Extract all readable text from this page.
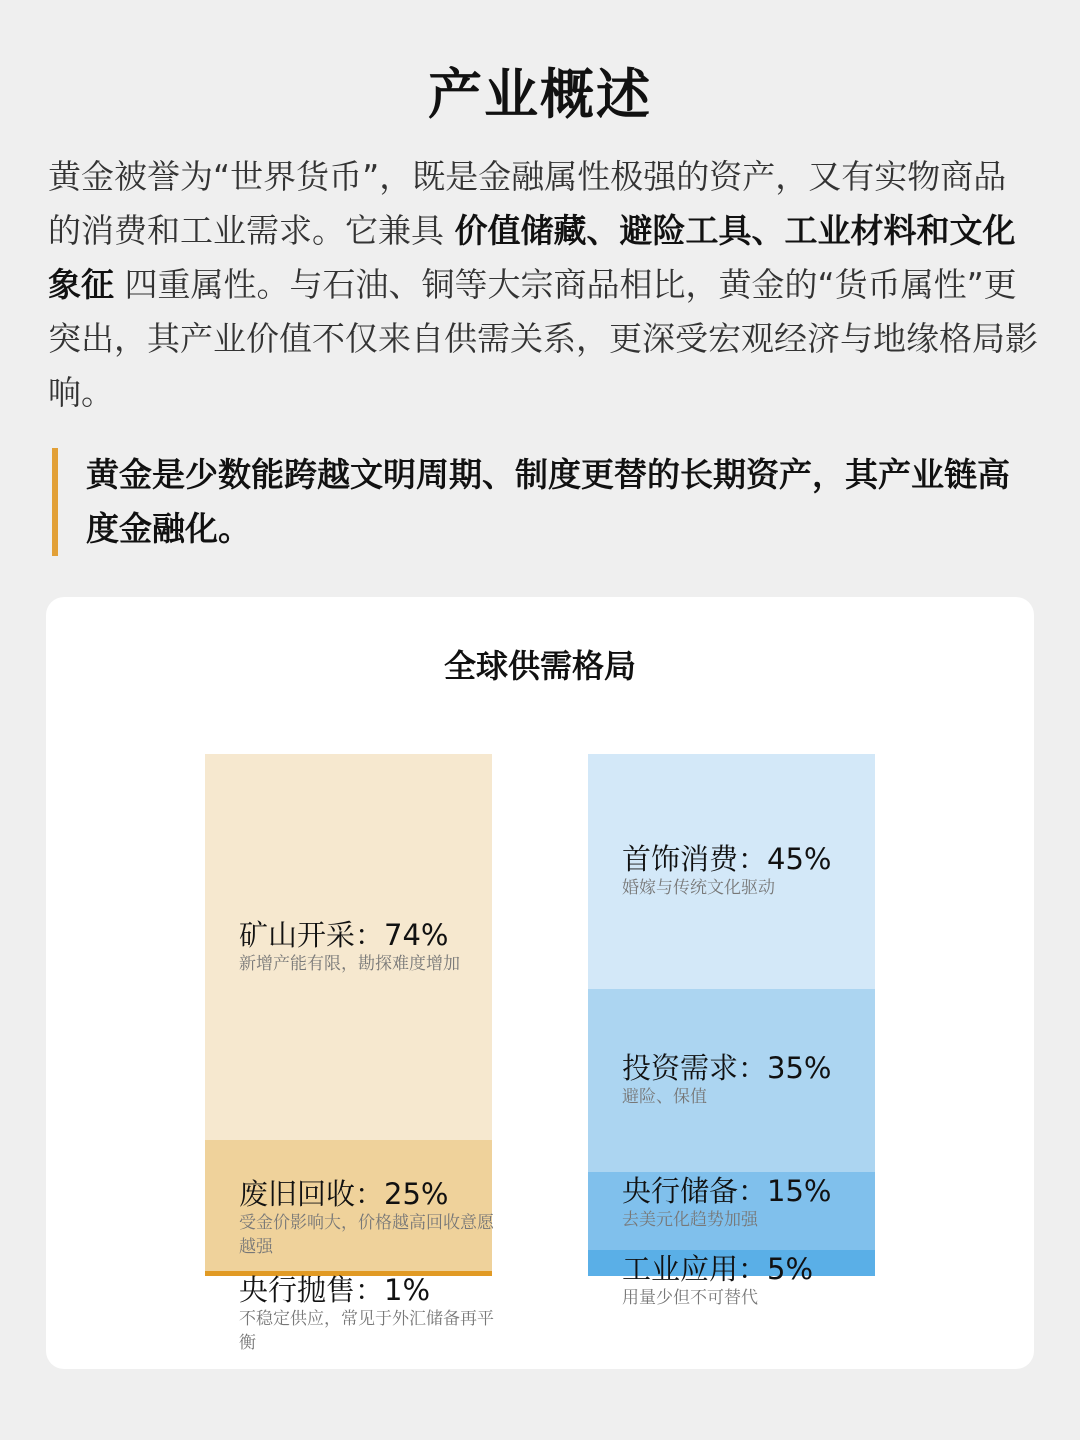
产业概述
黄金被誉为“世界货币”，既是金融属性极强的资产，又有实物商品的消费和工业需求。它兼具 价值储藏、避险工具、工业材料和文化象征 四重属性。与石油、铜等大宗商品相比，黄金的“货币属性”更突出，其产业价值不仅来自供需关系，更深受宏观经济与地缘格局影响。
黄金是少数能跨越文明周期、制度更替的长期资产，其产业链高度金融化。
全球供需格局
矿山开采：74%
新增产能有限，勘探难度增加
废旧回收：25%
受金价影响大，价格越高回收意愿越强
央行抛售：1%
不稳定供应，常见于外汇储备再平衡
首饰消费：45%
婚嫁与传统文化驱动
投资需求：35%
避险、保值
央行储备：15%
去美元化趋势加强
工业应用：5%
用量少但不可替代
